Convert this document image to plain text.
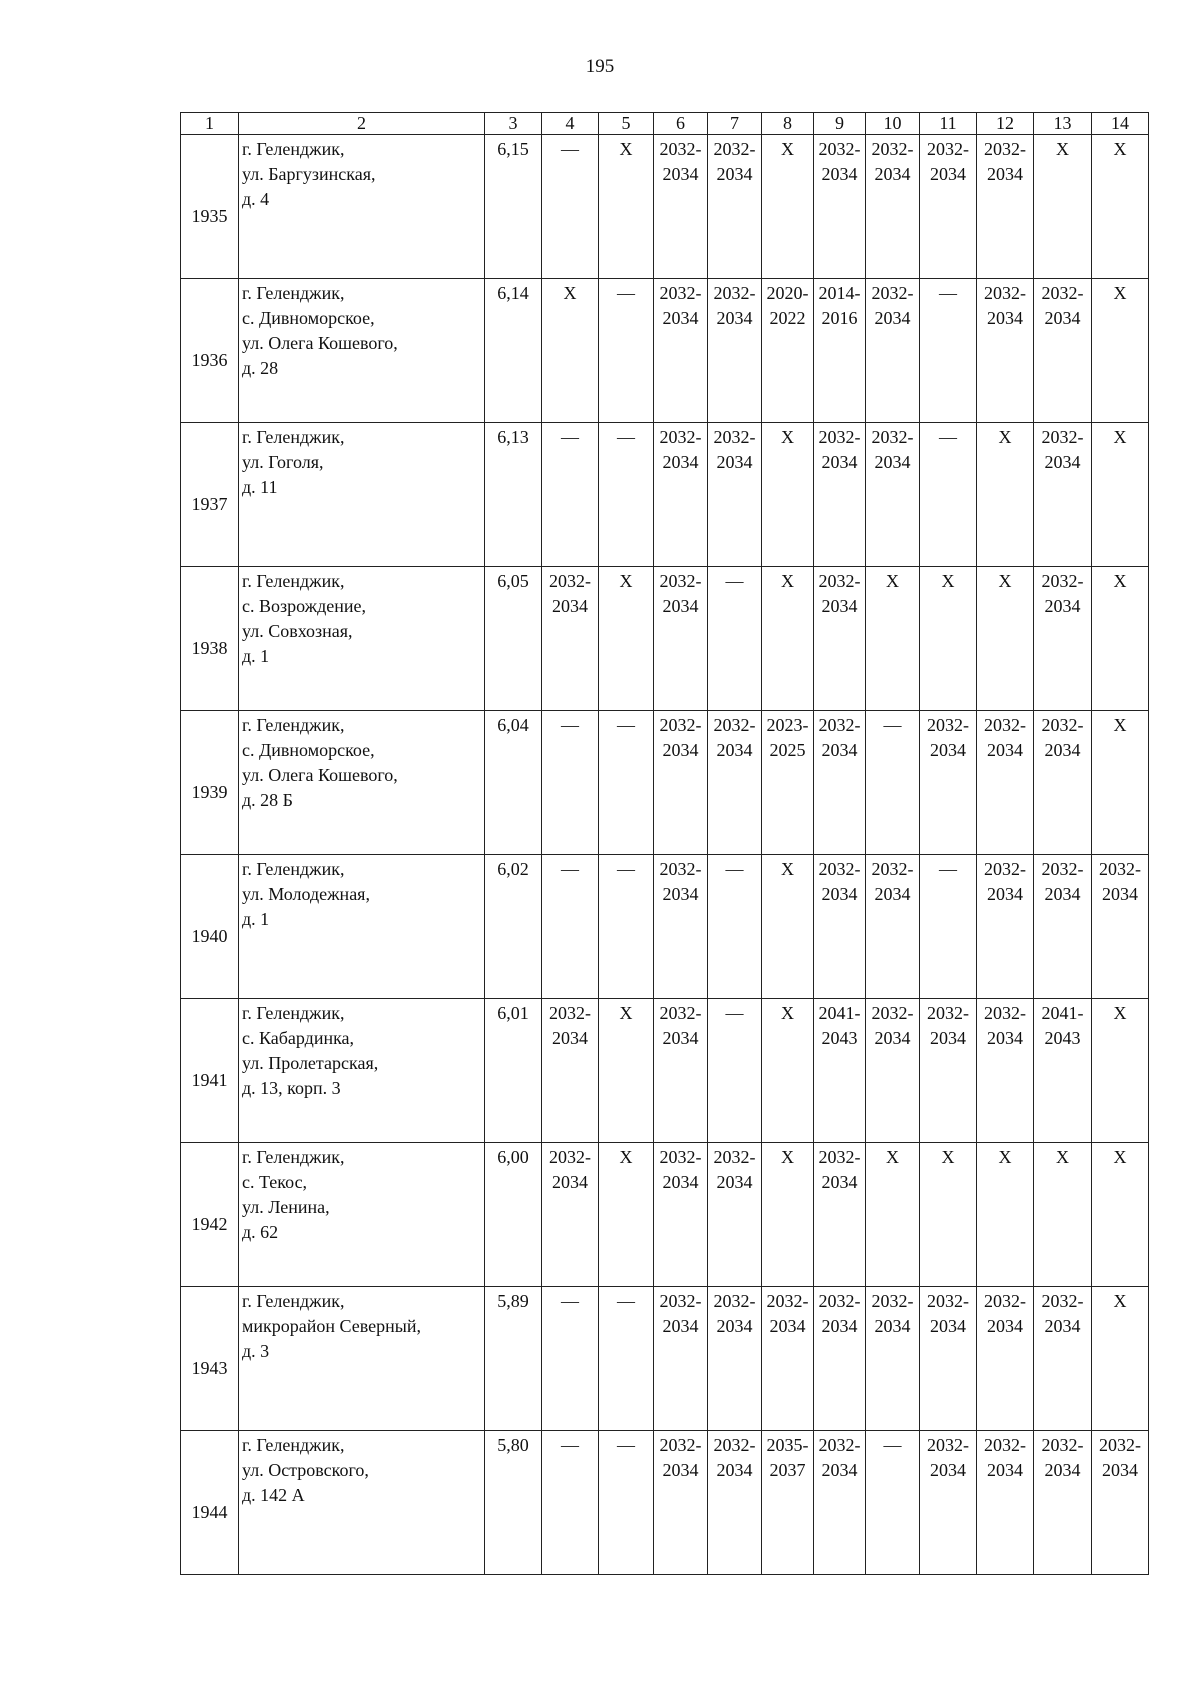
195
1	2	3	4	5	6	7	8	9	10	11	12	13	14
1935	г. Геленджик,
ул. Баргузинская,
д. 4	6,15	—	Х	2032-
2034	2032-
2034	Х	2032-
2034	2032-
2034	2032-
2034	2032-
2034	Х	Х

1936	г. Геленджик,
с. Дивноморское,
ул. Олега Кошевого,
д. 28	6,14	Х	—	2032-
2034	2032-
2034	2020-
2022	2014-
2016	2032-
2034	—	2032-
2034	2032-
2034	Х

1937	г. Геленджик,
ул. Гоголя,
д. 11	6,13	—	—	2032-
2034	2032-
2034	Х	2032-
2034	2032-
2034	—	Х	2032-
2034	Х

1938	г. Геленджик,
с. Возрождение,
ул. Совхозная,
д. 1	6,05	2032-
2034	Х	2032-
2034	—	Х	2032-
2034	Х	Х	Х	2032-
2034	Х

1939	г. Геленджик,
с. Дивноморское,
ул. Олега Кошевого,
д. 28 Б	6,04	—	—	2032-
2034	2032-
2034	2023-
2025	2032-
2034	—	2032-
2034	2032-
2034	2032-
2034	Х

1940	г. Геленджик,
ул. Молодежная,
д. 1	6,02	—	—	2032-
2034	—	Х	2032-
2034	2032-
2034	—	2032-
2034	2032-
2034	2032-
2034

1941	г. Геленджик,
с. Кабардинка,
ул. Пролетарская,
д. 13, корп. 3	6,01	2032-
2034	Х	2032-
2034	—	Х	2041-
2043	2032-
2034	2032-
2034	2032-
2034	2041-
2043	Х

1942	г. Геленджик,
с. Текос,
ул. Ленина,
д. 62	6,00	2032-
2034	Х	2032-
2034	2032-
2034	Х	2032-
2034	Х	Х	Х	Х	Х

1943	г. Геленджик,
микрорайон Северный,
д. 3	5,89	—	—	2032-
2034	2032-
2034	2032-
2034	2032-
2034	2032-
2034	2032-
2034	2032-
2034	2032-
2034	Х

1944	г. Геленджик,
ул. Островского,
д. 142 А	5,80	—	—	2032-
2034	2032-
2034	2035-
2037	2032-
2034	—	2032-
2034	2032-
2034	2032-
2034	2032-
2034
